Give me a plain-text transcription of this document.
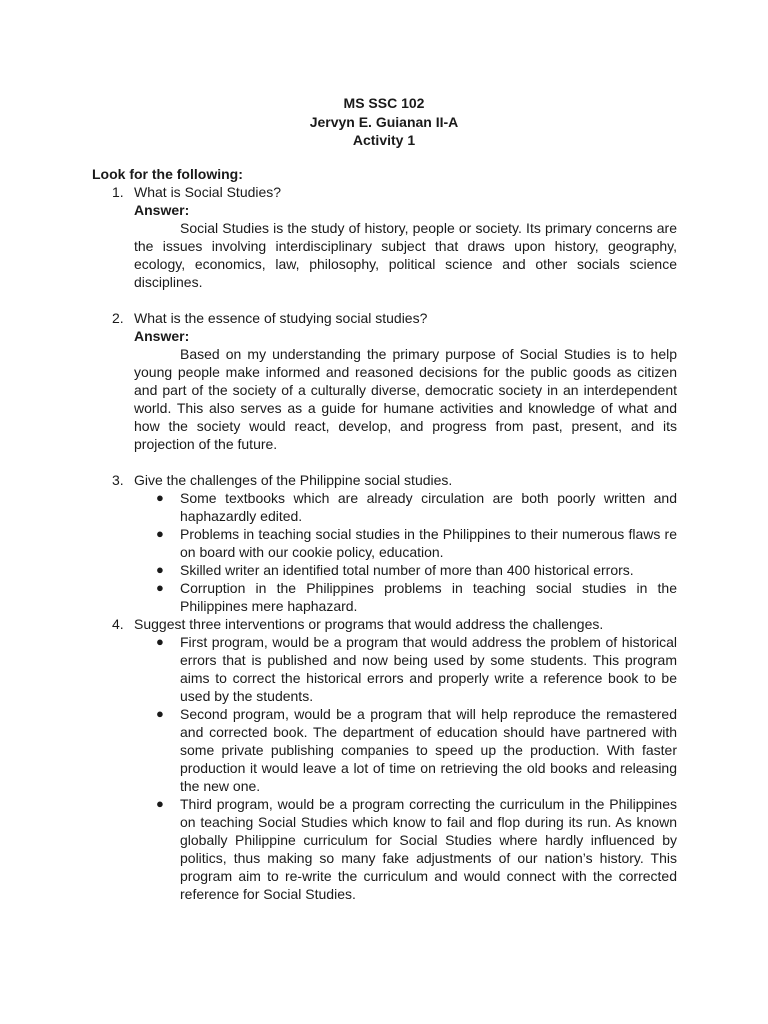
MS SSC 102
Jervyn E. Guianan II-A
Activity 1
Look for the following:
1. What is Social Studies?
Answer:
Social Studies is the study of history, people or society. Its primary concerns are the issues involving interdisciplinary subject that draws upon history, geography, ecology, economics, law, philosophy, political science and other socials science disciplines.
2. What is the essence of studying social studies?
Answer:
Based on my understanding the primary purpose of Social Studies is to help young people make informed and reasoned decisions for the public goods as citizen and part of the society of a culturally diverse, democratic society in an interdependent world. This also serves as a guide for humane activities and knowledge of what and how the society would react, develop, and progress from past, present, and its projection of the future.
3. Give the challenges of the Philippine social studies.
● Some textbooks which are already circulation are both poorly written and haphazardly edited.
● Problems in teaching social studies in the Philippines to their numerous flaws re on board with our cookie policy, education.
● Skilled writer an identified total number of more than 400 historical errors.
● Corruption in the Philippines problems in teaching social studies in the Philippines mere haphazard.
4. Suggest three interventions or programs that would address the challenges.
● First program, would be a program that would address the problem of historical errors that is published and now being used by some students. This program aims to correct the historical errors and properly write a reference book to be used by the students.
● Second program, would be a program that will help reproduce the remastered and corrected book. The department of education should have partnered with some private publishing companies to speed up the production. With faster production it would leave a lot of time on retrieving the old books and releasing the new one.
● Third program, would be a program correcting the curriculum in the Philippines on teaching Social Studies which know to fail and flop during its run. As known globally Philippine curriculum for Social Studies where hardly influenced by politics, thus making so many fake adjustments of our nation’s history. This program aim to re-write the curriculum and would connect with the corrected reference for Social Studies.
